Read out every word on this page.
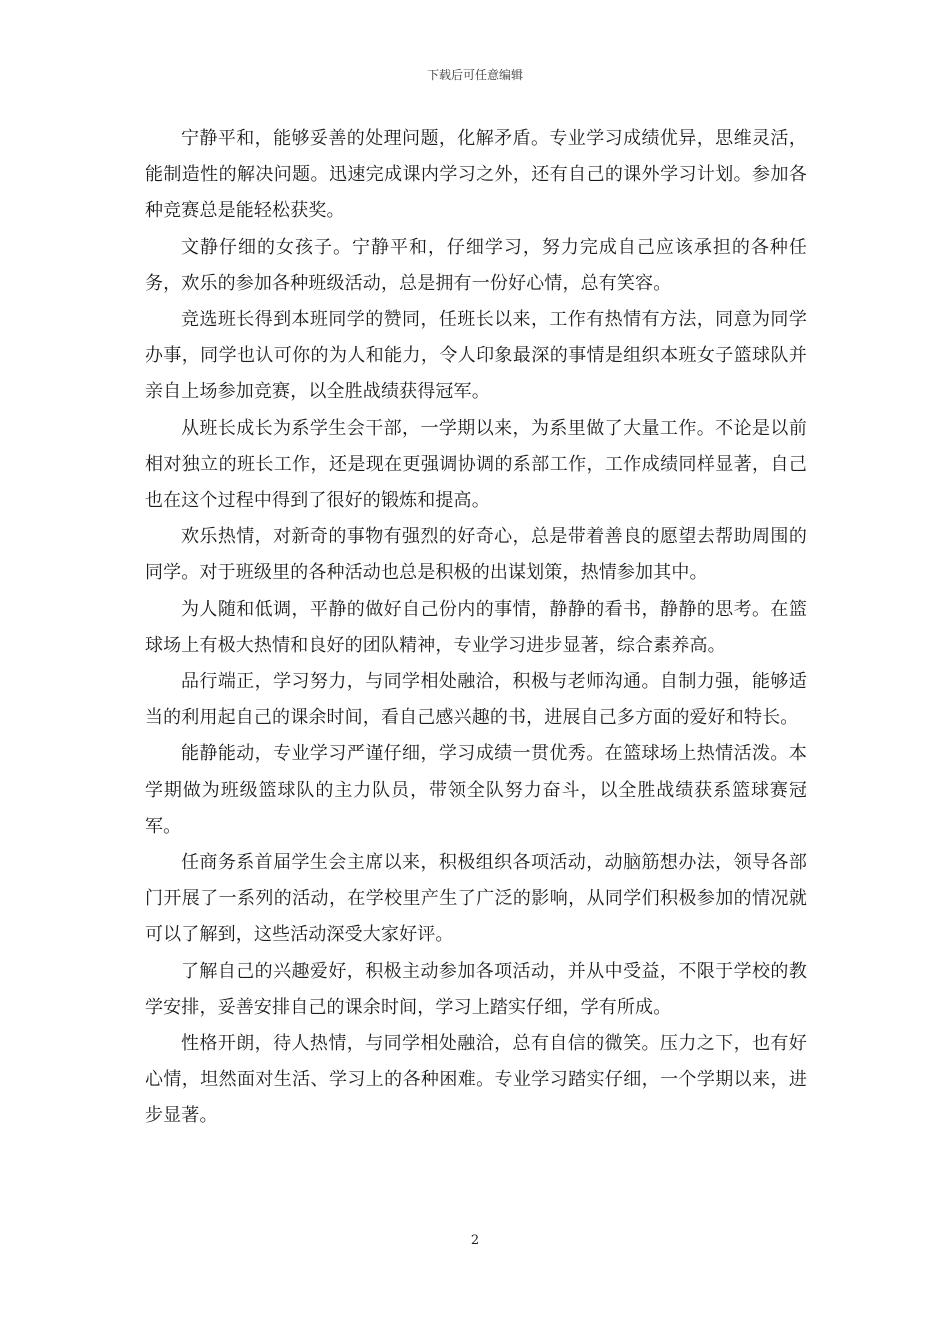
下载后可任意编辑

宁静平和，能够妥善的处理问题，化解矛盾。专业学习成绩优异，思维灵活，能制造性的解决问题。迅速完成课内学习之外，还有自己的课外学习计划。参加各种竞赛总是能轻松获奖。

文静仔细的女孩子。宁静平和，仔细学习，努力完成自己应该承担的各种任务，欢乐的参加各种班级活动，总是拥有一份好心情，总有笑容。

竞选班长得到本班同学的赞同，任班长以来，工作有热情有方法，同意为同学办事，同学也认可你的为人和能力，令人印象最深的事情是组织本班女子篮球队并亲自上场参加竞赛，以全胜战绩获得冠军。

从班长成长为系学生会干部，一学期以来，为系里做了大量工作。不论是以前相对独立的班长工作，还是现在更强调协调的系部工作，工作成绩同样显著，自己也在这个过程中得到了很好的锻炼和提高。

欢乐热情，对新奇的事物有强烈的好奇心，总是带着善良的愿望去帮助周围的同学。对于班级里的各种活动也总是积极的出谋划策，热情参加其中。

为人随和低调，平静的做好自己份内的事情，静静的看书，静静的思考。在篮球场上有极大热情和良好的团队精神，专业学习进步显著，综合素养高。

品行端正，学习努力，与同学相处融洽，积极与老师沟通。自制力强，能够适当的利用起自己的课余时间，看自己感兴趣的书，进展自己多方面的爱好和特长。

能静能动，专业学习严谨仔细，学习成绩一贯优秀。在篮球场上热情活泼。本学期做为班级篮球队的主力队员，带领全队努力奋斗，以全胜战绩获系篮球赛冠军。

任商务系首届学生会主席以来，积极组织各项活动，动脑筋想办法，领导各部门开展了一系列的活动，在学校里产生了广泛的影响，从同学们积极参加的情况就可以了解到，这些活动深受大家好评。

了解自己的兴趣爱好，积极主动参加各项活动，并从中受益，不限于学校的教学安排，妥善安排自己的课余时间，学习上踏实仔细，学有所成。

性格开朗，待人热情，与同学相处融洽，总有自信的微笑。压力之下，也有好心情，坦然面对生活、学习上的各种困难。专业学习踏实仔细，一个学期以来，进步显著。

2
